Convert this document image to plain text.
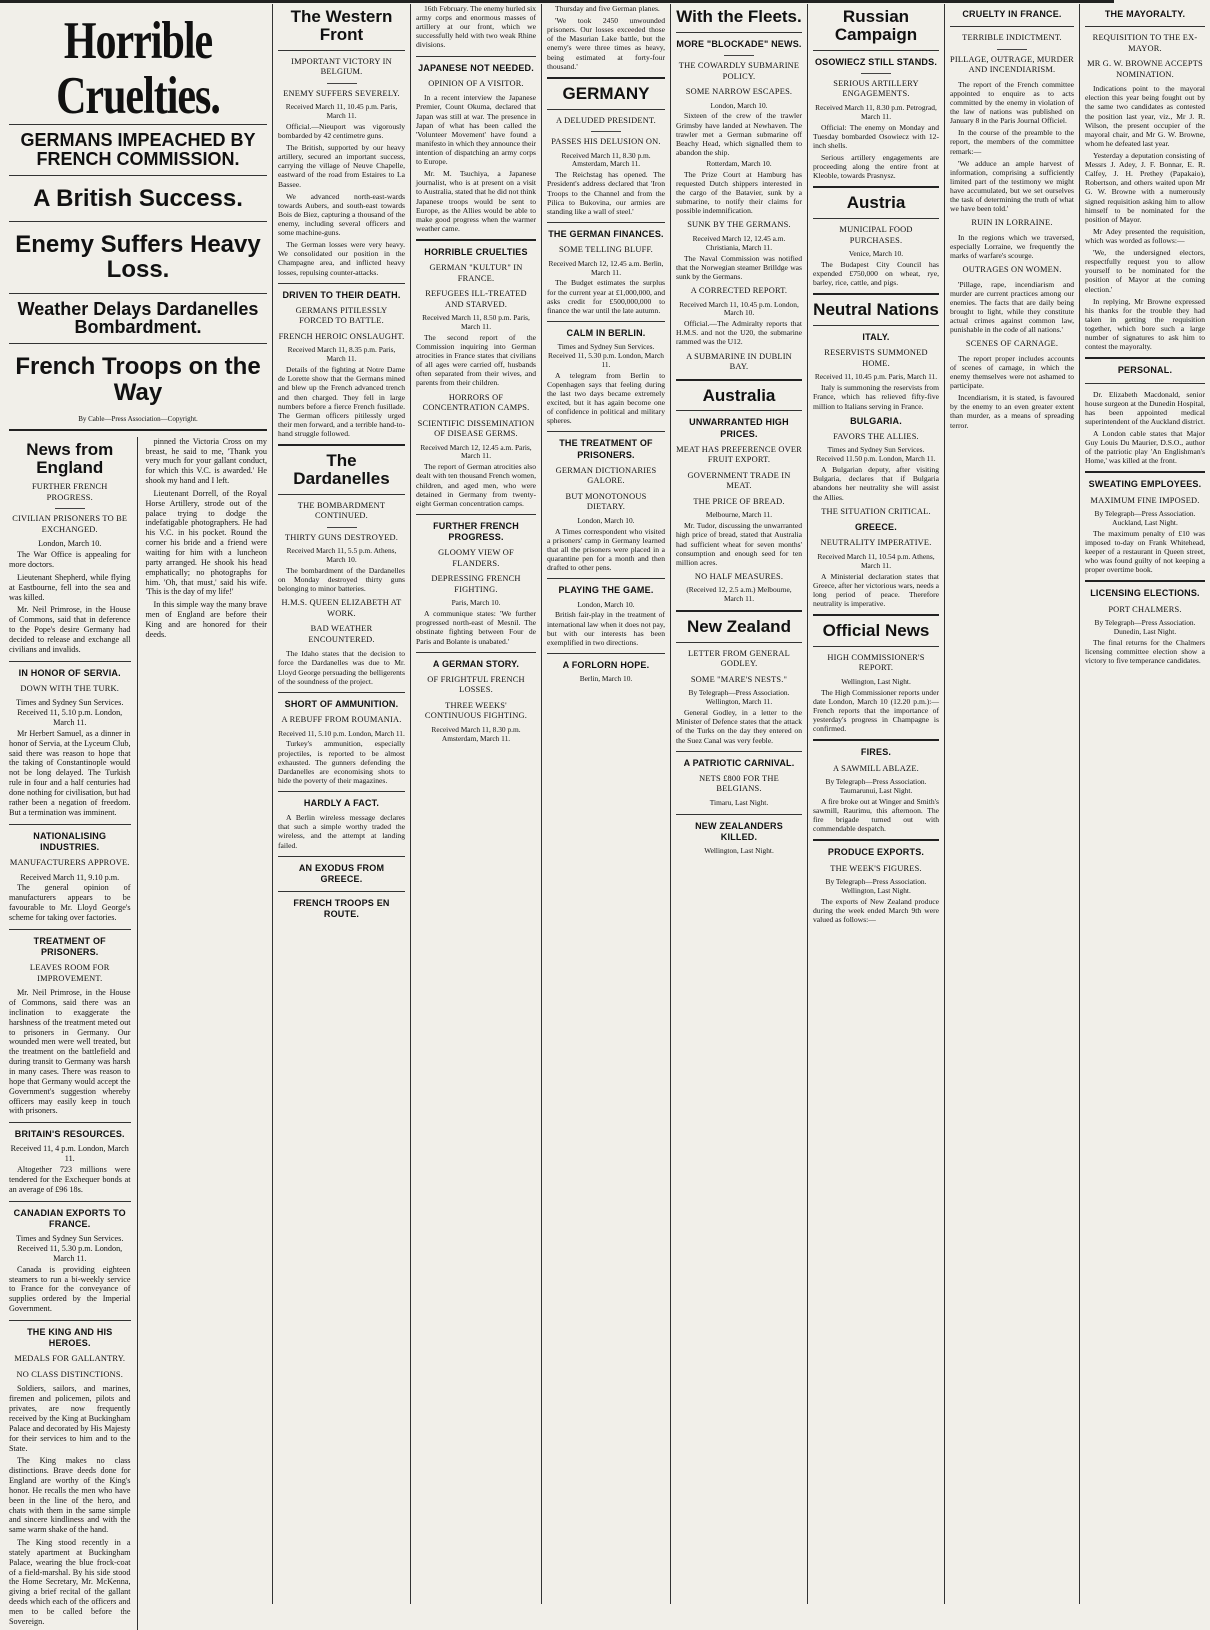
Horrible Cruelties.
GERMANS IMPEACHED BY FRENCH COMMISSION.
A British Success.
Enemy Suffers Heavy Loss.
Weather Delays Dardanelles Bombardment.
French Troops on the Way
By Cable—Press Association—Copyright.
News from England
FURTHER FRENCH PROGRESS.
CIVILIAN PRISONERS TO BE EXCHANGED.

London, March 10.

The War Office is appealing for more doctors.

Lieutenant Shepherd, while flying at Eastbourne, fell into the sea and was killed.

Mr. Neil Primrose, in the House of Commons, said that in deference to the Pope's desire Germany had decided to release and exchange all civilians and invalids.

IN HONOR OF SERVIA.
DOWN WITH THE TURK.

Times and Sydney Sun Services. Received 11, 5.10 p.m. London, March 11.

Mr Herbert Samuel, as a dinner in honor of Servia, at the Lyceum Club, said there was reason to hope that the taking of Constantinople would not be long delayed. The Turkish rule in four and a half centuries had done nothing for civilisation, but had rather been a negation of freedom. But a termination was imminent.

NATIONALISING INDUSTRIES.
MANUFACTURERS APPROVE.

Received March 11, 9.10 p.m.

The general opinion of manufacturers appears to be favourable to Mr. Lloyd George's scheme for taking over factories.

TREATMENT OF PRISONERS.
LEAVES ROOM FOR IMPROVEMENT.

Mr. Neil Primrose, in the House of Commons, said there was an inclination to exaggerate the harshness of the treatment meted out to prisoners in Germany. Our wounded men were well treated, but the treatment on the battlefield and during transit to Germany was harsh in many cases. There was reason to hope that Germany would accept the Government's suggestion whereby officers may easily keep in touch with prisoners.

BRITAIN'S RESOURCES.

Received 11, 4 p.m. London, March 11.

Altogether 723 millions were tendered for the Exchequer bonds at an average of £96 18s.

CANADIAN EXPORTS TO FRANCE.

Times and Sydney Sun Services. Received 11, 5.30 p.m. London, March 11.

Canada is providing eighteen steamers to run a bi-weekly service to France for the conveyance of supplies ordered by the Imperial Government.

THE KING AND HIS HEROES.
MEDALS FOR GALLANTRY.
NO CLASS DISTINCTIONS.

Soldiers, sailors, and marines, firemen and policemen, pilots and privates, are now frequently received by the King at Buckingham Palace and decorated by His Majesty for their services to him and to the State.

The King makes no class distinctions. Brave deeds done for England are worthy of the King's honor. He recalls the men who have been in the line of the hero, and chats with them in the same simple and sincere kindliness and with the same warm shake of the hand.

The King stood recently in a stately apartment at Buckingham Palace, wearing the blue frock-coat of a field-marshal. By his side stood the Home Secretary, Mr. McKenna, giving a brief recital of the gallant deeds which each of the officers and men to be called before the Sovereign.

pinned the Victoria Cross on my breast, he said to me, 'Thank you very much for your gallant conduct, for which this V.C. is awarded.' He shook my hand and I left.

Lieutenant Dorrell, of the Royal Horse Artillery, strode out of the palace trying to dodge the indefatigable photographers. He had his V.C. in his pocket. Round the corner his bride and a friend were waiting for him with a luncheon party arranged. He shook his head emphatically; no photographs for him. 'Oh, that must,' said his wife. 'This is the day of my life!'

In this simple way the many brave men of England are before their King and are honored for their deeds.

The Western Front
IMPORTANT VICTORY IN BELGIUM.
ENEMY SUFFERS SEVERELY.

Received March 11, 10.45 p.m. Paris, March 11.

Official.—Nieuport was vigorously bombarded by 42 centimetre guns.

The British, supported by our heavy artillery, secured an important success, carrying the village of Neuve Chapelle, eastward of the road from Estaires to La Bassee.

We advanced north-east-wards towards Aubers, and south-east towards Bois de Biez, capturing a thousand of the enemy, including several officers and some machine-guns.

The German losses were very heavy. We consolidated our position in the Champagne area, and inflicted heavy losses, repulsing counter-attacks.

DRIVEN TO THEIR DEATH.
GERMANS PITILESSLY FORCED TO BATTLE.
FRENCH HEROIC ONSLAUGHT.

Received March 11, 8.35 p.m. Paris, March 11.

Details of the fighting at Notre Dame de Lorette show that the Germans mined and blew up the French advanced trench and then charged. They fell in large numbers before a fierce French fusillade. The German officers pitilessly urged their men forward, and a terrible hand-to-hand struggle followed.

The Dardanelles
THE BOMBARDMENT CONTINUED.
THIRTY GUNS DESTROYED.

Received March 11, 5.5 p.m. Athens, March 10.

The bombardment of the Dardanelles on Monday destroyed thirty guns belonging to minor batteries.

H.M.S. QUEEN ELIZABETH AT WORK.
BAD WEATHER ENCOUNTERED.

The Idaho states that the decision to force the Dardanelles was due to Mr. Lloyd George persuading the belligerents of the soundness of the project.

SHORT OF AMMUNITION.
A REBUFF FROM ROUMANIA.

Received 11, 5.10 p.m. London, March 11.

Turkey's ammunition, especially projectiles, is reported to be almost exhausted. The gunners defending the Dardanelles are economising shots to hide the poverty of their magazines.

HARDLY A FACT.

A Berlin wireless message declares that such a simple worthy traded the wireless, and the attempt at landing failed.

AN EXODUS FROM GREECE.
FRENCH TROOPS EN ROUTE.

16th February. The enemy hurled six army corps and enormous masses of artillery at our front, which we successfully held with two weak Rhine divisions.

JAPANESE NOT NEEDED.
OPINION OF A VISITOR.

In a recent interview the Japanese Premier, Count Okuma, declared that Japan was still at war. The presence in Japan of what has been called the 'Volunteer Movement' have found a manifesto in which they announce their intention of dispatching an army corps to Europe.

Mr. M. Tsuchiya, a Japanese journalist, who is at present on a visit to Australia, stated that he did not think Japanese troops would be sent to Europe, as the Allies would be able to make good progress when the warmer weather came.

HORRIBLE CRUELTIES
GERMAN "KULTUR" IN FRANCE.
REFUGEES ILL-TREATED AND STARVED.

Received March 11, 8.50 p.m. Paris, March 11.

The second report of the Commission inquiring into German atrocities in France states that civilians of all ages were carried off, husbands often separated from their wives, and parents from their children.

HORRORS OF CONCENTRATION CAMPS.
SCIENTIFIC DISSEMINATION OF DISEASE GERMS.

Received March 12, 12.45 a.m. Paris, March 11.

The report of German atrocities also dealt with ten thousand French women, children, and aged men, who were detained in Germany from twenty-eight German concentration camps.

FURTHER FRENCH PROGRESS.
GLOOMY VIEW OF FLANDERS.
DEPRESSING FRENCH FIGHTING.

Paris, March 10.

A communique states: 'We further progressed north-east of Mesnil. The obstinate fighting between Four de Paris and Bolante is unabated.'

A GERMAN STORY.
OF FRIGHTFUL FRENCH LOSSES.
THREE WEEKS' CONTINUOUS FIGHTING.

Received March 11, 8.30 p.m. Amsterdam, March 11.

Thursday and five German planes.

'We took 2450 unwounded prisoners. Our losses exceeded those of the Masurian Lake battle, but the enemy's were three times as heavy, being estimated at forty-four thousand.'

GERMANY
A DELUDED PRESIDENT.
PASSES HIS DELUSION ON.

Received March 11, 8.30 p.m. Amsterdam, March 11.

The Reichstag has opened. The President's address declared that 'Iron Troops to the Channel and from the Pilica to Bukovina, our armies are standing like a wall of steel.'

THE GERMAN FINANCES.
SOME TELLING BLUFF.

Received March 12, 12.45 a.m. Berlin, March 11.

The Budget estimates the surplus for the current year at £1,000,000, and asks credit for £500,000,000 to finance the war until the late autumn.

CALM IN BERLIN.

Times and Sydney Sun Services. Received 11, 5.30 p.m. London, March 11.

A telegram from Berlin to Copenhagen says that feeling during the last two days became extremely excited, but it has again become one of confidence in political and military spheres.

THE TREATMENT OF PRISONERS.
GERMAN DICTIONARIES GALORE.
BUT MONOTONOUS DIETARY.

London, March 10.

A Times correspondent who visited a prisoners' camp in Germany learned that all the prisoners were placed in a quarantine pen for a month and then drafted to other pens.

PLAYING THE GAME.

London, March 10.

British fair-play in the treatment of international law when it does not pay, but with our interests has been exemplified in two directions.

A FORLORN HOPE.

Berlin, March 10.

With the Fleets.
MORE "BLOCKADE" NEWS.
THE COWARDLY SUBMARINE POLICY.
SOME NARROW ESCAPES.

London, March 10.

Sixteen of the crew of the trawler Grimsby have landed at Newhaven. The trawler met a German submarine off Beachy Head, which signalled them to abandon the ship.

Rotterdam, March 10.

The Prize Court at Hamburg has requested Dutch shippers interested in the cargo of the Batavier, sunk by a submarine, to notify their claims for possible indemnification.

SUNK BY THE GERMANS.

Received March 12, 12.45 a.m. Christiania, March 11.

The Naval Commission was notified that the Norwegian steamer Brilldge was sunk by the Germans.

A CORRECTED REPORT.

Received March 11, 10.45 p.m. London, March 10.

Official.—The Admiralty reports that H.M.S. and not the U20, the submarine rammed was the U12.

A SUBMARINE IN DUBLIN BAY.
Australia
UNWARRANTED HIGH PRICES.
MEAT HAS PREFERENCE OVER FRUIT EXPORT.
GOVERNMENT TRADE IN MEAT.
THE PRICE OF BREAD.

Melbourne, March 11.

Mr. Tudor, discussing the unwarranted high price of bread, stated that Australia had sufficient wheat for seven months' consumption and enough seed for ten million acres.

NO HALF MEASURES.

(Received 12, 2.5 a.m.) Melbourne, March 11.

New Zealand
LETTER FROM GENERAL GODLEY.
SOME "MARE'S NESTS."

By Telegraph—Press Association. Wellington, March 11.

General Godley, in a letter to the Minister of Defence states that the attack of the Turks on the day they entered on the Suez Canal was very feeble.

A PATRIOTIC CARNIVAL.
NETS £800 FOR THE BELGIANS.

Timaru, Last Night.

NEW ZEALANDERS KILLED.

Wellington, Last Night.

Russian Campaign
OSOWIECZ STILL STANDS.
SERIOUS ARTILLERY ENGAGEMENTS.

Received March 11, 8.30 p.m. Petrograd, March 11.

Official: The enemy on Monday and Tuesday bombarded Osowiecz with 12-inch shells.

Serious artillery engagements are proceeding along the entire front at Kleoble, towards Prasnysz.

Austria
MUNICIPAL FOOD PURCHASES.

Venice, March 10.

The Budapest City Council has expended £750,000 on wheat, rye, barley, rice, cattle, and pigs.

Neutral Nations
ITALY.
RESERVISTS SUMMONED HOME.

Received 11, 10.45 p.m. Paris, March 11.

Italy is summoning the reservists from France, which has relieved fifty-five million to Italians serving in France.

BULGARIA.
FAVORS THE ALLIES.

Times and Sydney Sun Services. Received 11.50 p.m. London, March 11.

A Bulgarian deputy, after visiting Bulgaria, declares that if Bulgaria abandons her neutrality she will assist the Allies.

THE SITUATION CRITICAL.
GREECE.
NEUTRALITY IMPERATIVE.

Received March 11, 10.54 p.m. Athens, March 11.

A Ministerial declaration states that Greece, after her victorious wars, needs a long period of peace. Therefore neutrality is imperative.

Official News
HIGH COMMISSIONER'S REPORT.

Wellington, Last Night.

The High Commissioner reports under date London, March 10 (12.20 p.m.):—French reports that the importance of yesterday's progress in Champagne is confirmed.

FIRES.
A SAWMILL ABLAZE.

By Telegraph—Press Association. Taumarunui, Last Night.

A fire broke out at Winger and Smith's sawmill, Raurimu, this afternoon. The fire brigade turned out with commendable despatch.

PRODUCE EXPORTS.
THE WEEK'S FIGURES.

By Telegraph—Press Association. Wellington, Last Night.

The exports of New Zealand produce during the week ended March 9th were valued as follows:—

CRUELTY IN FRANCE.
TERRIBLE INDICTMENT.
PILLAGE, OUTRAGE, MURDER AND INCENDIARISM.

The report of the French committee appointed to enquire as to acts committed by the enemy in violation of the law of nations was published on January 8 in the Paris Journal Officiel.

In the course of the preamble to the report, the members of the committee remark:—

'We adduce an ample harvest of information, comprising a sufficiently limited part of the testimony we might have accumulated, but we set ourselves the task of determining the truth of what we have been told.'

RUIN IN LORRAINE.

In the regions which we traversed, especially Lorraine, we frequently the marks of warfare's scourge.

OUTRAGES ON WOMEN.

'Pillage, rape, incendiarism and murder are current practices among our enemies. The facts that are daily being brought to light, while they constitute actual crimes against common law, punishable in the code of all nations.'

SCENES OF CARNAGE.

The report proper includes accounts of scenes of carnage, in which the enemy themselves were not ashamed to participate.

Incendiarism, it is stated, is favoured by the enemy to an even greater extent than murder, as a means of spreading terror.

THE MAYORALTY.
REQUISITION TO THE EX-MAYOR.
MR G. W. BROWNE ACCEPTS NOMINATION.

Indications point to the mayoral election this year being fought out by the same two candidates as contested the position last year, viz., Mr J. R. Wilson, the present occupier of the mayoral chair, and Mr G. W. Browne, whom he defeated last year.

Yesterday a deputation consisting of Messrs J. Adey, J. F. Bonnar, E. R. Calfey, J. H. Prethey (Papakaio), Robertson, and others waited upon Mr G. W. Browne with a numerously signed requisition asking him to allow himself to be nominated for the position of Mayor.

Mr Adey presented the requisition, which was worded as follows:—

'We, the undersigned electors, respectfully request you to allow yourself to be nominated for the position of Mayor at the coming election.'

In replying, Mr Browne expressed his thanks for the trouble they had taken in getting the requisition together, which bore such a large number of signatures to ask him to contest the mayoralty.

PERSONAL.

Dr. Elizabeth Macdonald, senior house surgeon at the Dunedin Hospital, has been appointed medical superintendent of the Auckland district.

A London cable states that Major Guy Louis Du Maurier, D.S.O., author of the patriotic play 'An Englishman's Home,' was killed at the front.

SWEATING EMPLOYEES.
MAXIMUM FINE IMPOSED.

By Telegraph—Press Association. Auckland, Last Night.

The maximum penalty of £10 was imposed to-day on Frank Whitehead, keeper of a restaurant in Queen street, who was found guilty of not keeping a proper overtime book.

LICENSING ELECTIONS.
PORT CHALMERS.

By Telegraph—Press Association. Dunedin, Last Night.

The final returns for the Chalmers licensing committee election show a victory to five temperance candidates.
